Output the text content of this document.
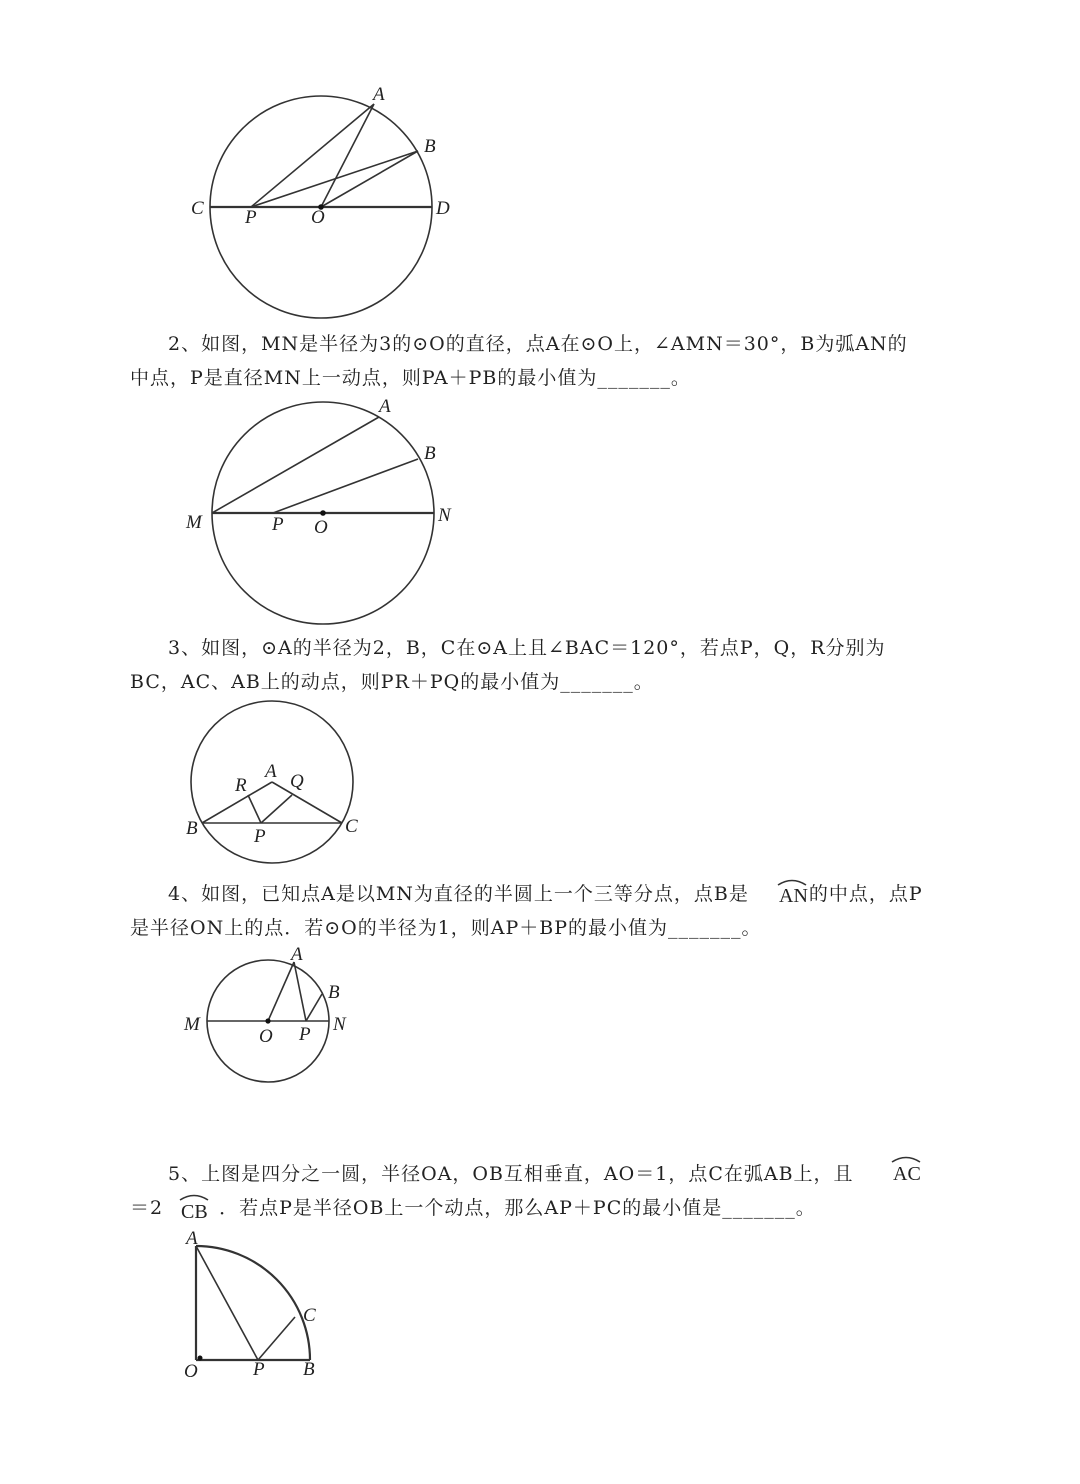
A
B
C	D
P	O
A
B
M	N
P O
A
B	C
P
Q
R
A
B
M	N
O P
A
C
O	P B
AN
AC
CB
2、如图，MN是半径为3的⊙O的直径，点A在⊙O上，∠AMN＝30°，B为弧AN的
中点，P是直径MN上一动点，则PA＋PB的最小值为_______。
3、如图，⊙A的半径为2，B，C在⊙A上且∠BAC＝120°，若点P，Q，R分别为
BC，AC、AB上的动点，则PR＋PQ的最小值为_______。
4、如图，已知点A是以MN为直径的半圆上一个三等分点，点B是	的中点，点P
是半径ON上的点．若⊙O的半径为1，则AP＋BP的最小值为_______。
5、上图是四分之一圆，半径OA，OB互相垂直，AO＝1，点C在弧AB上，且
＝2	．若点P是半径OB上一个动点，那么AP＋PC的最小值是_______。
